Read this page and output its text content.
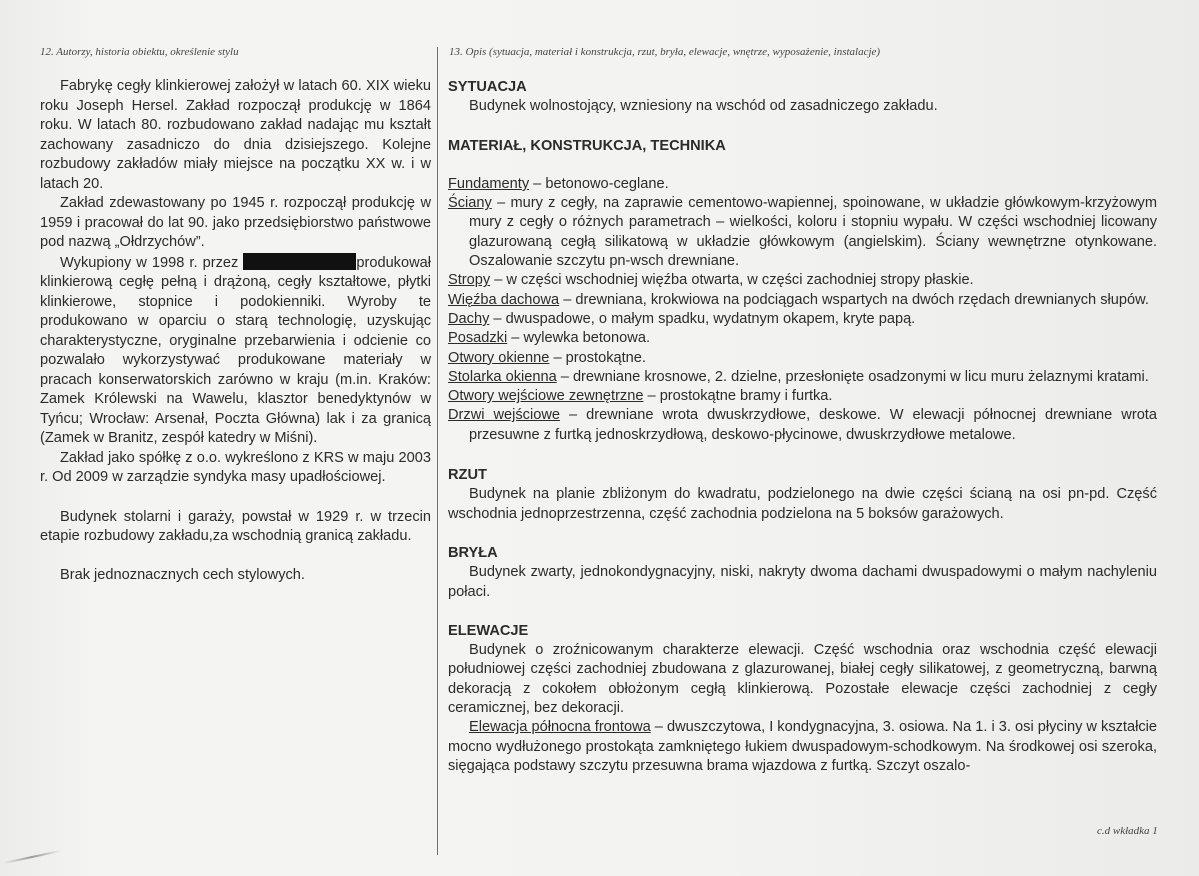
12. Autorzy, historia obiektu, określenie stylu	13. Opis (sytuacja, materiał i konstrukcja, rzut, bryła, elewacje, wnętrze, wyposażenie, instalacje)

Fabrykę cegły klinkierowej założył w latach 60. XIX wieku roku Joseph Hersel. Zakład rozpoczął produkcję w 1864 roku. W latach 80. rozbudowano zakład nadając mu kształt zachowany zasadniczo do dnia dzisiejszego. Kolejne rozbudowy zakładów miały miejsce na początku XX w. i w latach 20.

Zakład zdewastowany po 1945 r. rozpoczął produkcję w 1959 i pracował do lat 90. jako przedsiębiorstwo państwowe pod nazwą „Ołdrzychów”.

Wykupiony w 1998 r. przez	produkował klinkierową cegłę pełną i drążoną, cegły kształtowe, płytki klinkierowe, stopnice i podokienniki. Wyroby te produkowano w oparciu o starą technologię, uzyskując charakterystyczne, oryginalne przebarwienia i odcienie co pozwalało wykorzystywać produkowane materiały w pracach konserwatorskich zarówno w kraju (m.in. Kraków: Zamek Królewski na Wawelu, klasztor benedyktynów w Tyńcu; Wrocław: Arsenał, Poczta Główna) lak i za granicą (Zamek w Branitz, zespół katedry w Miśni).

Zakład jako spółkę z o.o. wykreślono z KRS w maju 2003 r. Od 2009 w zarządzie syndyka masy upadłościowej.

Budynek stolarni i garaży, powstał w 1929 r. w trzecin etapie rozbudowy zakładu,za wschodnią granicą zakładu.

Brak jednoznacznych cech stylowych.

SYTUACJA

Budynek wolnostojący, wzniesiony na wschód od zasadniczego zakładu.

MATERIAŁ, KONSTRUKCJA, TECHNIKA

Fundamenty – betonowo-ceglane.

Ściany – mury z cegły, na zaprawie cementowo-wapiennej, spoinowane, w układzie główkowym-krzyżowym mury z cegły o różnych parametrach – wielkości, koloru i stopniu wypału. W części wschodniej licowany glazurowaną cegłą silikatową w układzie główkowym (angielskim). Ściany wewnętrzne otynkowane. Oszalowanie szczytu pn-wsch drewniane.

Stropy – w części wschodniej więźba otwarta, w części zachodniej stropy płaskie.

Więźba dachowa – drewniana, krokwiowa na podciągach wspartych na dwóch rzędach drewnianych słupów.

Dachy – dwuspadowe, o małym spadku, wydatnym okapem, kryte papą.

Posadzki – wylewka betonowa.

Otwory okienne – prostokątne.

Stolarka okienna – drewniane krosnowe, 2. dzielne, przesłonięte osadzonymi w licu muru żelaznymi kratami.

Otwory wejściowe zewnętrzne – prostokątne bramy i furtka.

Drzwi wejściowe – drewniane wrota dwuskrzydłowe, deskowe. W elewacji północnej drewniane wrota przesuwne z furtką jednoskrzydłową, deskowo-płycinowe, dwuskrzydłowe metalowe.

RZUT

Budynek na planie zbliżonym do kwadratu, podzielonego na dwie części ścianą na osi pn-pd. Część wschodnia jednoprzestrzenna, część zachodnia podzielona na 5 boksów garażowych.

BRYŁA

Budynek zwarty, jednokondygnacyjny, niski, nakryty dwoma dachami dwuspadowymi o małym nachyleniu połaci.

ELEWACJE

Budynek o zroźnicowanym charakterze elewacji. Część wschodnia oraz wschodnia część elewacji południowej części zachodniej zbudowana z glazurowanej, białej cegły silikatowej, z geometryczną, barwną dekoracją z cokołem obłożonym cegłą klinkierową. Pozostałe elewacje części zachodniej z cegły ceramicznej, bez dekoracji.

Elewacja północna frontowa – dwuszczytowa, I kondygnacyjna, 3. osiowa. Na 1. i 3. osi płyciny w kształcie mocno wydłużonego prostokąta zamkniętego łukiem dwuspadowym-schodkowym. Na środkowej osi szeroka, sięgająca podstawy szczytu przesuwna brama wjazdowa z furtką. Szczyt oszalo-

c.d wkładka 1
